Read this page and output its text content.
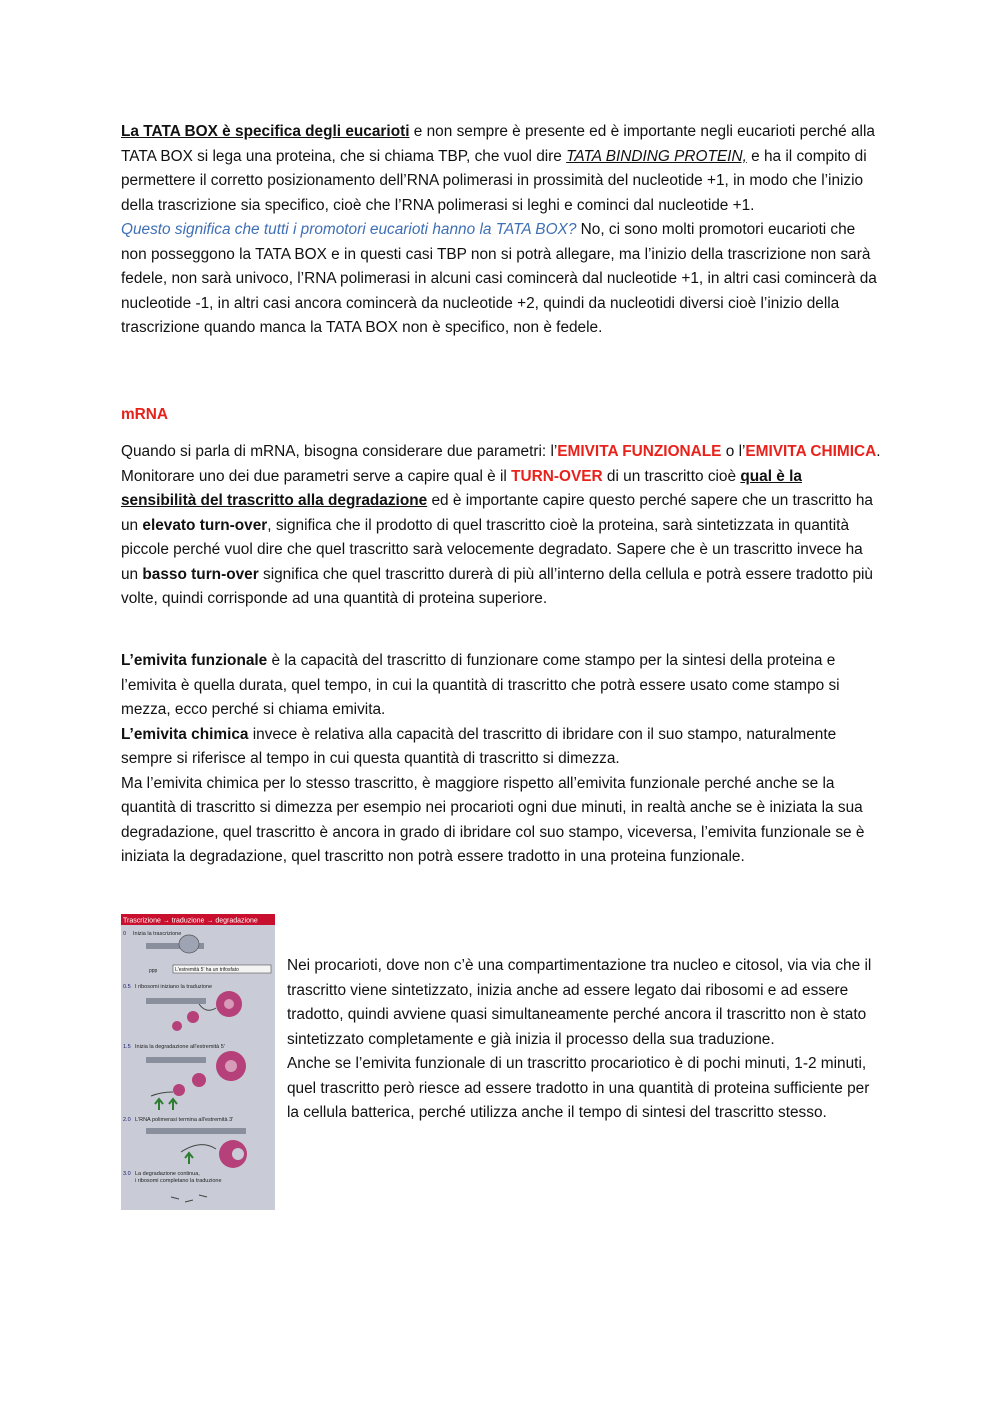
La TATA BOX è specifica degli eucarioti e non sempre è presente ed è importante negli eucarioti perché alla TATA BOX si lega una proteina, che si chiama TBP, che vuol dire TATA BINDING PROTEIN, e ha il compito di permettere il corretto posizionamento dell’RNA polimerasi in prossimità del nucleotide +1, in modo che l’inizio della trascrizione sia specifico, cioè che l’RNA polimerasi si leghi e cominci dal nucleotide +1.

Questo significa che tutti i promotori eucarioti hanno la TATA BOX? No, ci sono molti promotori eucarioti che non posseggono la TATA BOX e in questi casi TBP non si potrà allegare, ma l’inizio della trascrizione non sarà fedele, non sarà univoco, l’RNA polimerasi in alcuni casi comincerà dal nucleotide +1, in altri casi comincerà da nucleotide -1, in altri casi ancora comincerà da nucleotide +2, quindi da nucleotidi diversi cioè l’inizio della trascrizione quando manca la TATA BOX non è specifico, non è fedele.

mRNA

Quando si parla di mRNA, bisogna considerare due parametri: l’EMIVITA FUNZIONALE o l’EMIVITA CHIMICA. Monitorare uno dei due parametri serve a capire qual è il TURN-OVER di un trascritto cioè qual è la sensibilità del trascritto alla degradazione ed è importante capire questo perché sapere che un trascritto ha un elevato turn-over, significa che il prodotto di quel trascritto cioè la proteina, sarà sintetizzata in quantità piccole perché vuol dire che quel trascritto sarà velocemente degradato. Sapere che è un trascritto invece ha un basso turn-over significa che quel trascritto durerà di più all’interno della cellula e potrà essere tradotto più volte, quindi corrisponde ad una quantità di proteina superiore.

L’emivita funzionale è la capacità del trascritto di funzionare come stampo per la sintesi della proteina e l’emivita è quella durata, quel tempo, in cui la quantità di trascritto che potrà essere usato come stampo si mezza, ecco perché si chiama emivita.

L’emivita chimica invece è relativa alla capacità del trascritto di ibridare con il suo stampo, naturalmente sempre si riferisce al tempo in cui questa quantità di trascritto si dimezza.

Ma l’emivita chimica per lo stesso trascritto, è maggiore rispetto all’emivita funzionale perché anche se la quantità di trascritto si dimezza per esempio nei procarioti ogni due minuti, in realtà anche se è iniziata la sua degradazione, quel trascritto è ancora in grado di ibridare col suo stampo, viceversa, l’emivita funzionale se è iniziata la degradazione, quel trascritto non potrà essere tradotto in una proteina funzionale.

Trascrizione → traduzione → degradazione
0 Inizia la trascrizione
ppp	L'estremità 5' ha un trifosfato
0.5 I ribosomi iniziano la traduzione
1.5 Inizia la degradazione all'estremità 5'
2.0 L'RNA polimerasi termina all'estremità 3'
3.0 La degradazione continua,
i ribosomi completano la traduzione

Nei procarioti, dove non c’è una compartimentazione tra nucleo e citosol, via via che il trascritto viene sintetizzato, inizia anche ad essere legato dai ribosomi e ad essere tradotto, quindi avviene quasi simultaneamente perché ancora il trascritto non è stato sintetizzato completamente e già inizia il processo della sua traduzione.

Anche se l’emivita funzionale di un trascritto procariotico è di pochi minuti, 1-2 minuti, quel trascritto però riesce ad essere tradotto in una quantità di proteina sufficiente per la cellula batterica, perché utilizza anche il tempo di sintesi del trascritto stesso.
